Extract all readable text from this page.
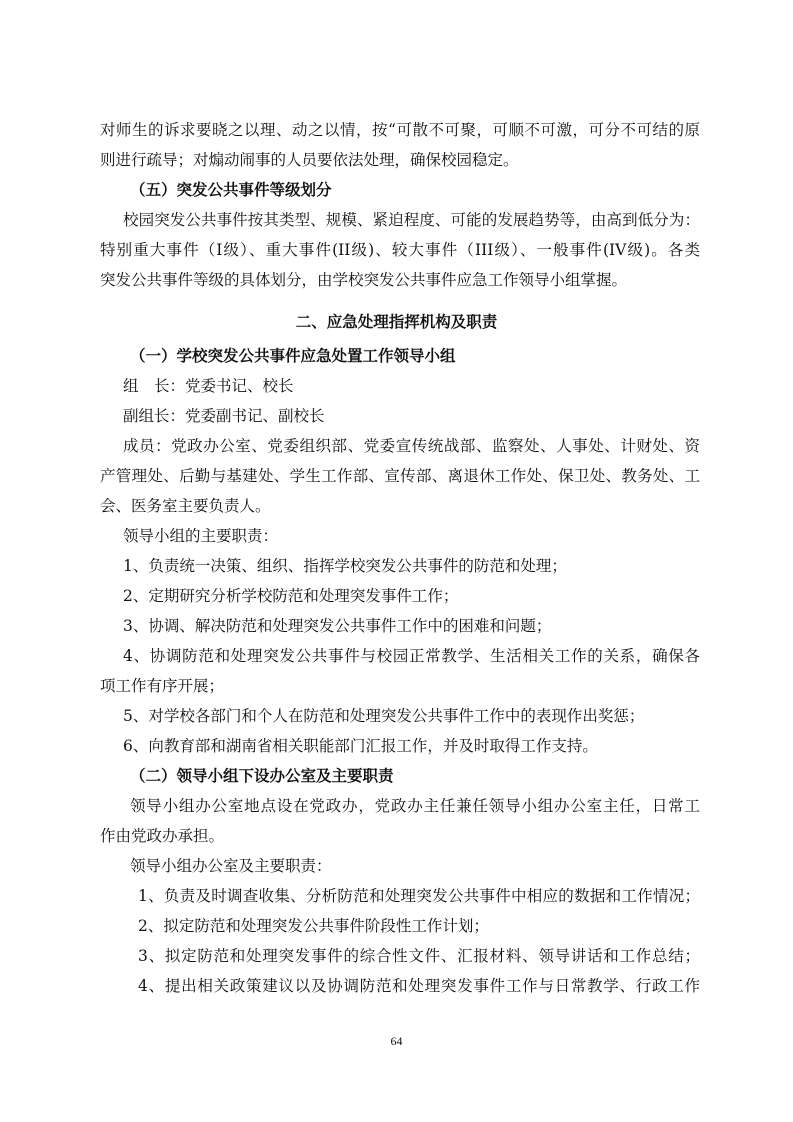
对师生的诉求要晓之以理、动之以情，按“可散不可聚，可顺不可激，可分不可结的原

则进行疏导；对煽动闹事的人员要依法处理，确保校园稳定。

（五）突发公共事件等级划分

校园突发公共事件按其类型、规模、紧迫程度、可能的发展趋势等，由高到低分为：

特别重大事件（I级）、重大事件(II级)、较大事件（III级）、一般事件(IV级)。各类

突发公共事件等级的具体划分，由学校突发公共事件应急工作领导小组掌握。

二、应急处理指挥机构及职责

（一）学校突发公共事件应急处置工作领导小组

组　长：党委书记、校长

副组长：党委副书记、副校长

成员：党政办公室、党委组织部、党委宣传统战部、监察处、人事处、计财处、资

产管理处、后勤与基建处、学生工作部、宣传部、离退休工作处、保卫处、教务处、工

会、医务室主要负责人。

领导小组的主要职责：

1、负责统一决策、组织、指挥学校突发公共事件的防范和处理；

2、定期研究分析学校防范和处理突发事件工作；

3、协调、解决防范和处理突发公共事件工作中的困难和问题；

4、协调防范和处理突发公共事件与校园正常教学、生活相关工作的关系，确保各

项工作有序开展；

5、对学校各部门和个人在防范和处理突发公共事件工作中的表现作出奖惩；

6、向教育部和湖南省相关职能部门汇报工作，并及时取得工作支持。

（二）领导小组下设办公室及主要职责

领导小组办公室地点设在党政办，党政办主任兼任领导小组办公室主任，日常工

作由党政办承担。

领导小组办公室及主要职责：

1、负责及时调查收集、分析防范和处理突发公共事件中相应的数据和工作情况；

2、拟定防范和处理突发公共事件阶段性工作计划；

3、拟定防范和处理突发事件的综合性文件、汇报材料、领导讲话和工作总结；

4、提出相关政策建议以及协调防范和处理突发事件工作与日常教学、行政工作

64
